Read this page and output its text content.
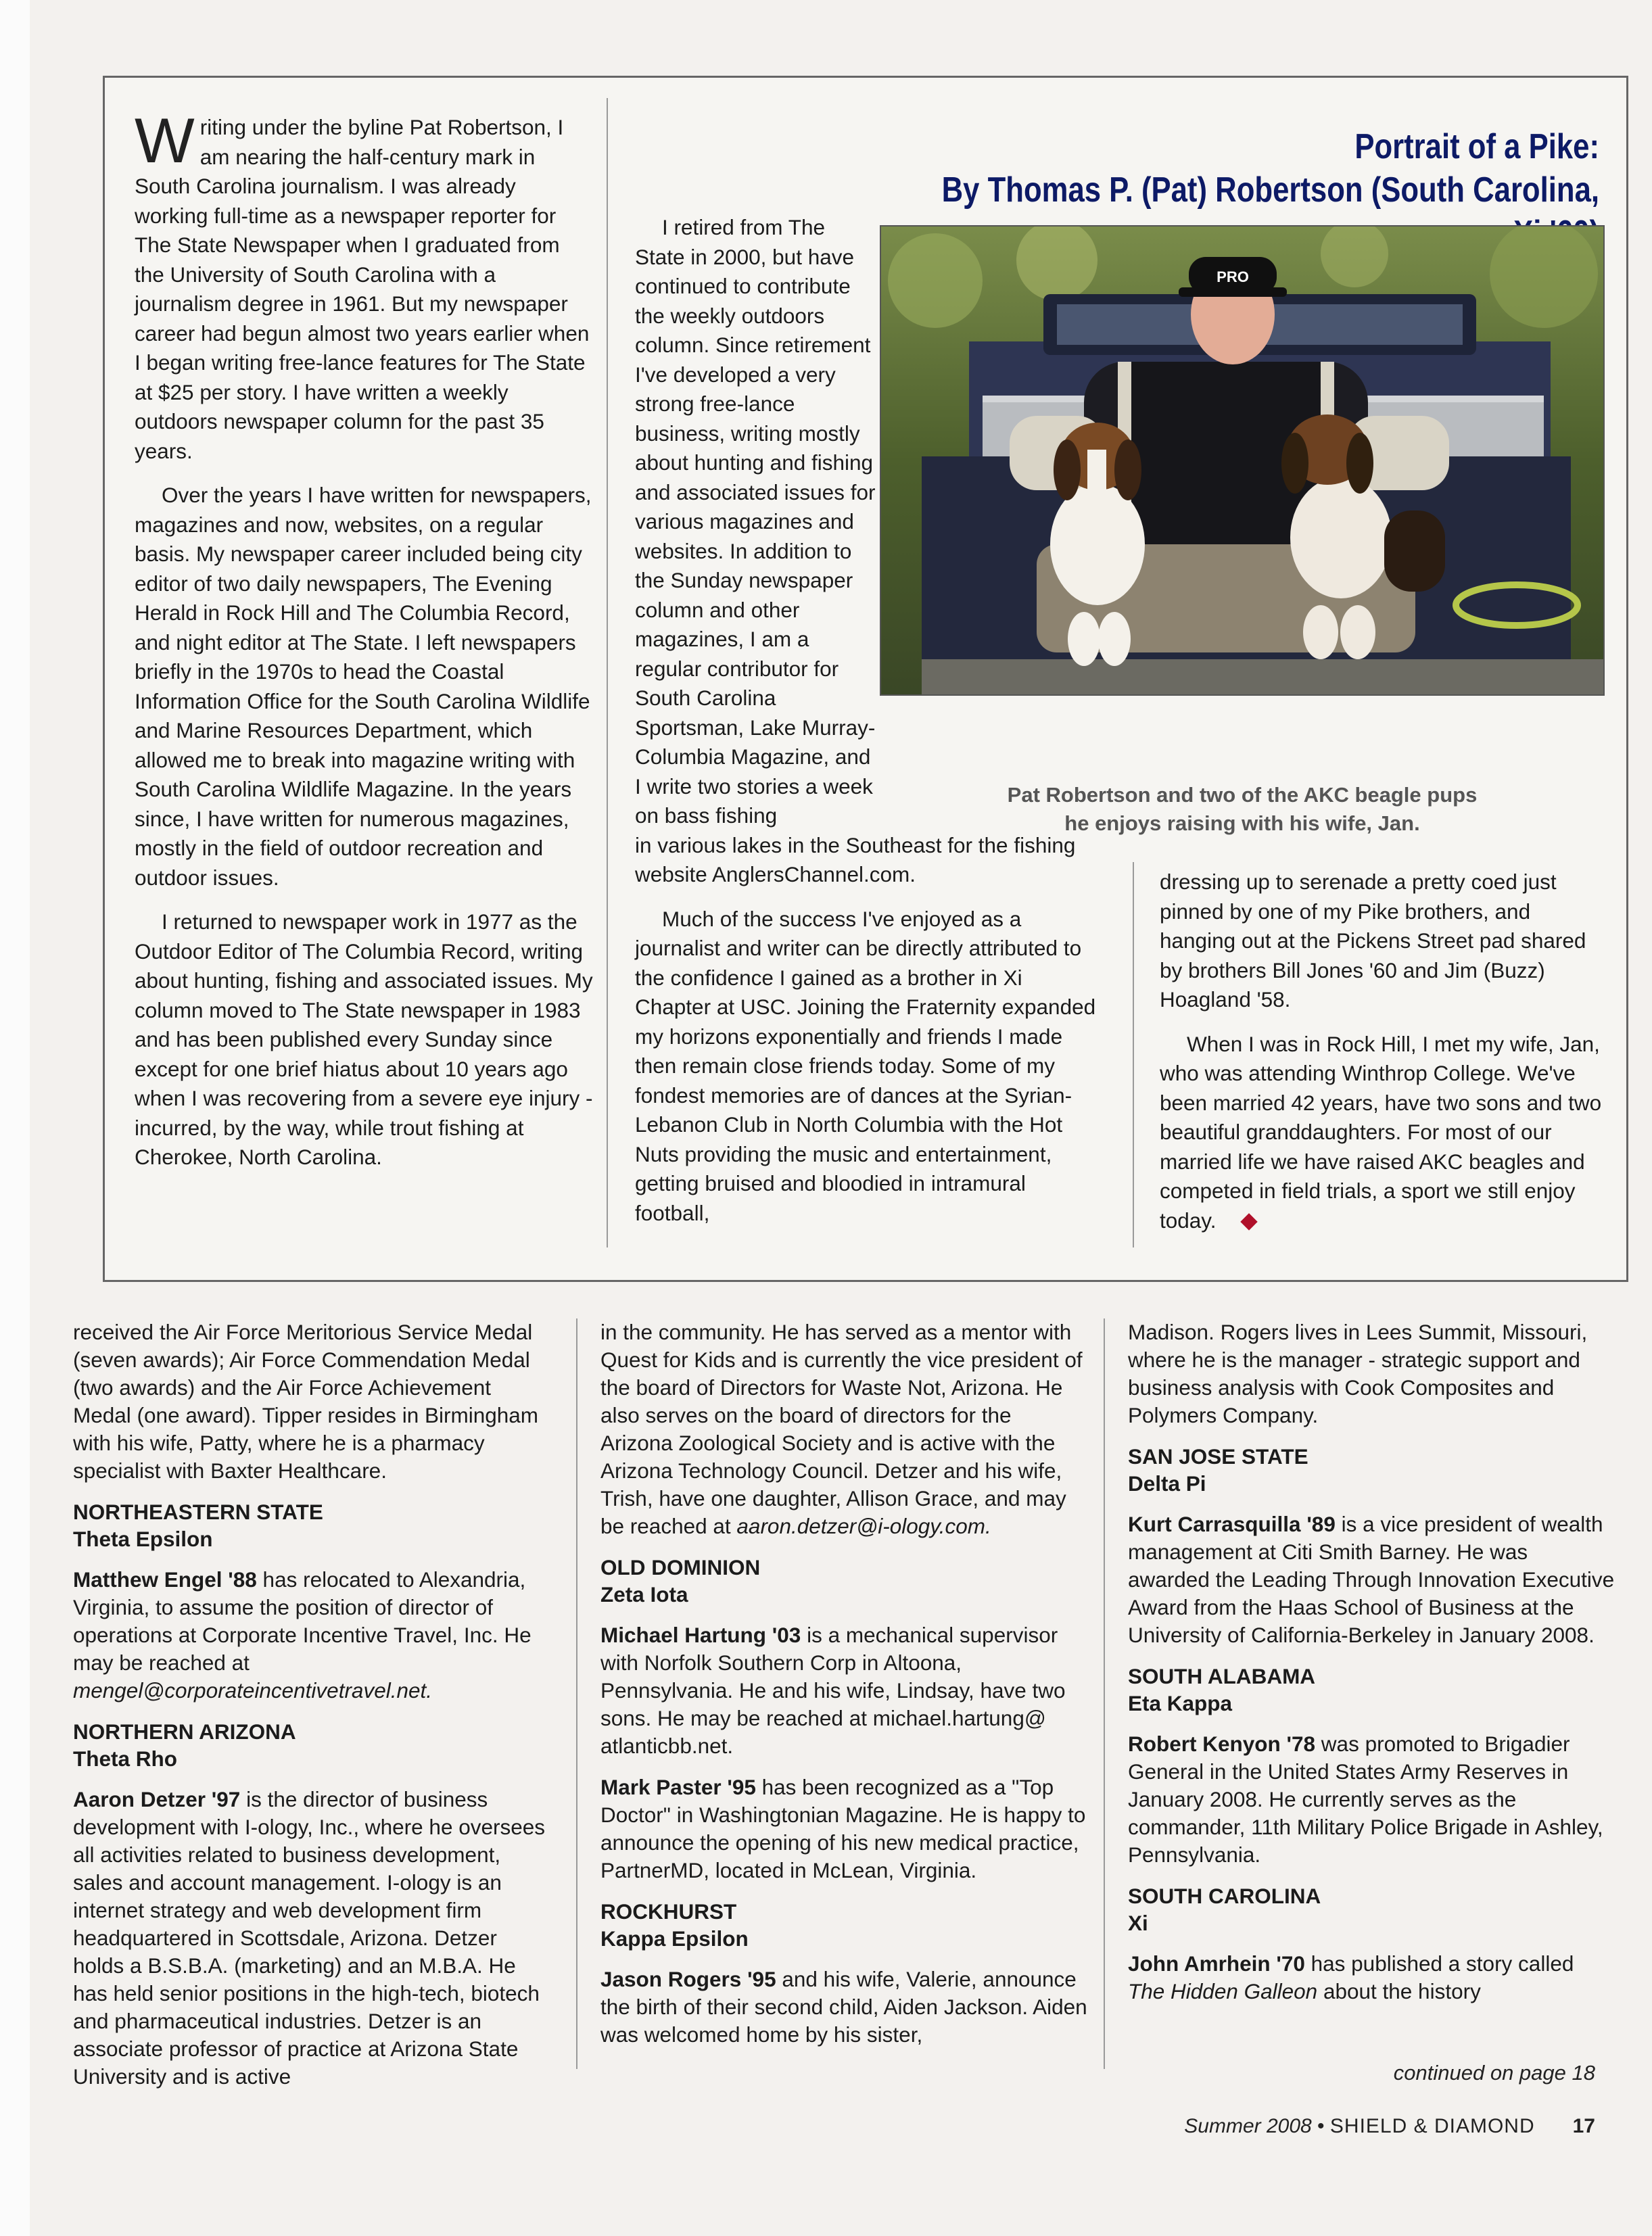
Portrait of a Pike:
By Thomas P. (Pat) Robertson (South Carolina,

Writing under the byline Pat Robertson, I am nearing the half-century mark in South Carolina journalism. I was already working full-time as a newspaper reporter for The State Newspaper when I graduated from the University of South Carolina with a journalism degree in 1961. But my newspaper career had begun almost two years earlier when I began writing free-lance features for The State at $25 per story. I have written a weekly outdoors newspaper column for the past 35 years.

Over the years I have written for newspapers, magazines and now, websites, on a regular basis. My newspaper career included being city editor of two daily newspapers, The Evening Herald in Rock Hill and The Columbia Record, and night editor at The State. I left newspapers briefly in the 1970s to head the Coastal Information Office for the South Carolina Wildlife and Marine Resources Department, which allowed me to break into magazine writing with South Carolina Wildlife Magazine. In the years since, I have written for numerous magazines, mostly in the field of outdoor recreation and outdoor issues.

I returned to newspaper work in 1977 as the Outdoor Editor of The Columbia Record, writing about hunting, fishing and associated issues. My column moved to The State newspaper in 1983 and has been published every Sunday since except for one brief hiatus about 10 years ago when I was recovering from a severe eye injury - incurred, by the way, while trout fishing at Cherokee, North Carolina.

I retired from The State in 2000, but have continued to contribute the weekly outdoors column. Since retirement I've developed a very strong free-lance business, writing mostly about hunting and fishing and associated issues for various magazines and websites. In addition to the Sunday newspaper column and other magazines, I am a regular contributor for South Carolina Sportsman, Lake Murray-Columbia Magazine, and I write two stories a week on bass fishing

in various lakes in the Southeast for the fishing website AnglersChannel.com.

Much of the success I've enjoyed as a journalist and writer can be directly attributed to the confidence I gained as a brother in Xi Chapter at USC. Joining the Fraternity expanded my horizons exponentially and friends I made then remain close friends today. Some of my fondest memories are of dances at the Syrian-Lebanon Club in North Columbia with the Hot Nuts providing the music and entertainment, getting bruised and bloodied in intramural football,

PRO
Pat Robertson and two of the AKC beagle pups
he enjoys raising with his wife, Jan.

dressing up to serenade a pretty coed just pinned by one of my Pike brothers, and hanging out at the Pickens Street pad shared by brothers Bill Jones '60 and Jim (Buzz) Hoagland '58.

When I was in Rock Hill, I met my wife, Jan, who was attending Winthrop College. We've been married 42 years, have two sons and two beautiful granddaughters. For most of our married life we have raised AKC beagles and competed in field trials, a sport we still enjoy today.

received the Air Force Meritorious Service Medal (seven awards); Air Force Commendation Medal (two awards) and the Air Force Achievement Medal (one award). Tipper resides in Birmingham with his wife, Patty, where he is a pharmacy specialist with Baxter Healthcare.

NORTHEASTERN STATE
Theta Epsilon

Matthew Engel '88 has relocated to Alexandria, Virginia, to assume the position of director of operations at Corporate Incentive Travel, Inc. He may be reached at mengel@corporateincentivetravel.net.

NORTHERN ARIZONA
Theta Rho

Aaron Detzer '97 is the director of business development with I-ology, Inc., where he oversees all activities related to business development, sales and account management. I-ology is an internet strategy and web development firm headquartered in Scottsdale, Arizona. Detzer holds a B.S.B.A. (marketing) and an M.B.A. He has held senior positions in the high-tech, biotech and pharmaceutical industries. Detzer is an associate professor of practice at Arizona State University and is active

in the community. He has served as a mentor with Quest for Kids and is currently the vice president of the board of Directors for Waste Not, Arizona. He also serves on the board of directors for the Arizona Zoological Society and is active with the Arizona Technology Council. Detzer and his wife, Trish, have one daughter, Allison Grace, and may be reached at aaron.detzer@i-ology.com.

OLD DOMINION
Zeta Iota

Michael Hartung '03 is a mechanical supervisor with Norfolk Southern Corp in Altoona, Pennsylvania. He and his wife, Lindsay, have two sons. He may be reached at michael.hartung@ atlanticbb.net.

Mark Paster '95 has been recognized as a "Top Doctor" in Washingtonian Magazine. He is happy to announce the opening of his new medical practice, PartnerMD, located in McLean, Virginia.

ROCKHURST
Kappa Epsilon

Jason Rogers '95 and his wife, Valerie, announce the birth of their second child, Aiden Jackson. Aiden was welcomed home by his sister,

Madison. Rogers lives in Lees Summit, Missouri, where he is the manager - strategic support and business analysis with Cook Composites and Polymers Company.

SAN JOSE STATE
Delta Pi

Kurt Carrasquilla '89 is a vice president of wealth management at Citi Smith Barney. He was awarded the Leading Through Innovation Executive Award from the Haas School of Business at the University of California-Berkeley in January 2008.

SOUTH ALABAMA
Eta Kappa

Robert Kenyon '78 was promoted to Brigadier General in the United States Army Reserves in January 2008. He currently serves as the commander, 11th Military Police Brigade in Ashley, Pennsylvania.

SOUTH CAROLINA
Xi

John Amrhein '70 has published a story called The Hidden Galleon about the history

continued on page 18
Summer 2008 • SHIELD & DIAMOND 17
